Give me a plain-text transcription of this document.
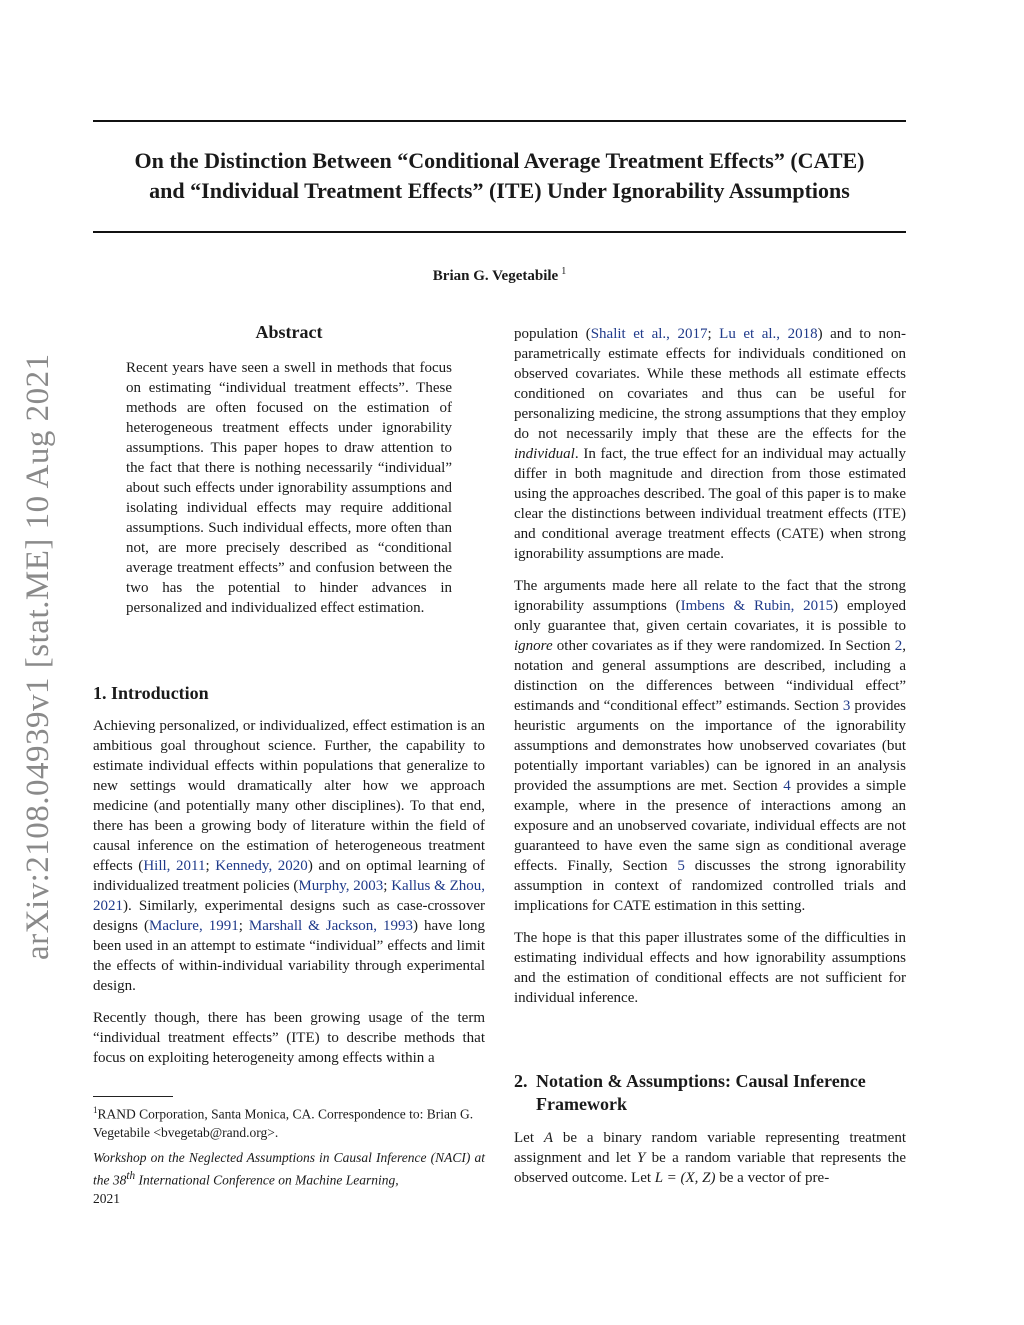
arXiv:2108.04939v1 [stat.ME] 10 Aug 2021
On the Distinction Between “Conditional Average Treatment Effects” (CATE)
and “Individual Treatment Effects” (ITE) Under Ignorability Assumptions
Brian G. Vegetabile $^1$
Abstract

Recent years have seen a swell in methods that focus on estimating “individual treatment effects”. These methods are often focused on the estimation of heterogeneous treatment effects under ignorability assumptions. This paper hopes to draw attention to the fact that there is nothing necessarily “individual” about such effects under ignorability assumptions and isolating individual effects may require additional assumptions. Such individual effects, more often than not, are more precisely described as “conditional average treatment effects” and confusion between the two has the potential to hinder advances in personalized and individualized effect estimation.

1. Introduction

Achieving personalized, or individualized, effect estimation is an ambitious goal throughout science. Further, the capability to estimate individual effects within populations that generalize to new settings would dramatically alter how we approach medicine (and potentially many other disciplines). To that end, there has been a growing body of literature within the field of causal inference on the estimation of heterogeneous treatment effects (Hill, 2011; Kennedy, 2020) and on optimal learning of individualized treatment policies (Murphy, 2003; Kallus & Zhou, 2021). Similarly, experimental designs such as case-crossover designs (Maclure, 1991; Marshall & Jackson, 1993) have long been used in an attempt to estimate “individual” effects and limit the effects of within-individual variability through experimental design.

Recently though, there has been growing usage of the term “individual treatment effects” (ITE) to describe methods that focus on exploiting heterogeneity among effects within a

$^1$RAND Corporation, Santa Monica, CA. Correspondence to: Brian G. Vegetabile <bvegetab@rand.org>.
Workshop on the Neglected Assumptions in Causal Inference (NACI) at the 38th International Conference on Machine Learning,
2021

population (Shalit et al., 2017; Lu et al., 2018) and to non-parametrically estimate effects for individuals conditioned on observed covariates. While these methods all estimate effects conditioned on covariates and thus can be useful for personalizing medicine, the strong assumptions that they employ do not necessarily imply that these are the effects for the individual. In fact, the true effect for an individual may actually differ in both magnitude and direction from those estimated using the approaches described. The goal of this paper is to make clear the distinctions between individual treatment effects (ITE) and conditional average treatment effects (CATE) when strong ignorability assumptions are made.

The arguments made here all relate to the fact that the strong ignorability assumptions (Imbens & Rubin, 2015) employed only guarantee that, given certain covariates, it is possible to ignore other covariates as if they were randomized. In Section 2, notation and general assumptions are described, including a distinction on the differences between “individual effect” estimands and “conditional effect” estimands. Section 3 provides heuristic arguments on the importance of the ignorability assumptions and demonstrates how unobserved covariates (but potentially important variables) can be ignored in an analysis provided the assumptions are met. Section 4 provides a simple example, where in the presence of interactions among an exposure and an unobserved covariate, individual effects are not guaranteed to have even the same sign as conditional average effects. Finally, Section 5 discusses the strong ignorability assumption in context of randomized controlled trials and implications for CATE estimation in this setting.

The hope is that this paper illustrates some of the difficulties in estimating individual effects and how ignorability assumptions and the estimation of conditional effects are not sufficient for individual inference.

2. Notation & Assumptions: Causal Inference
Framework

Let A be a binary random variable representing treatment assignment and let Y be a random variable that represents the observed outcome. Let L = (X, Z) be a vector of pre-
